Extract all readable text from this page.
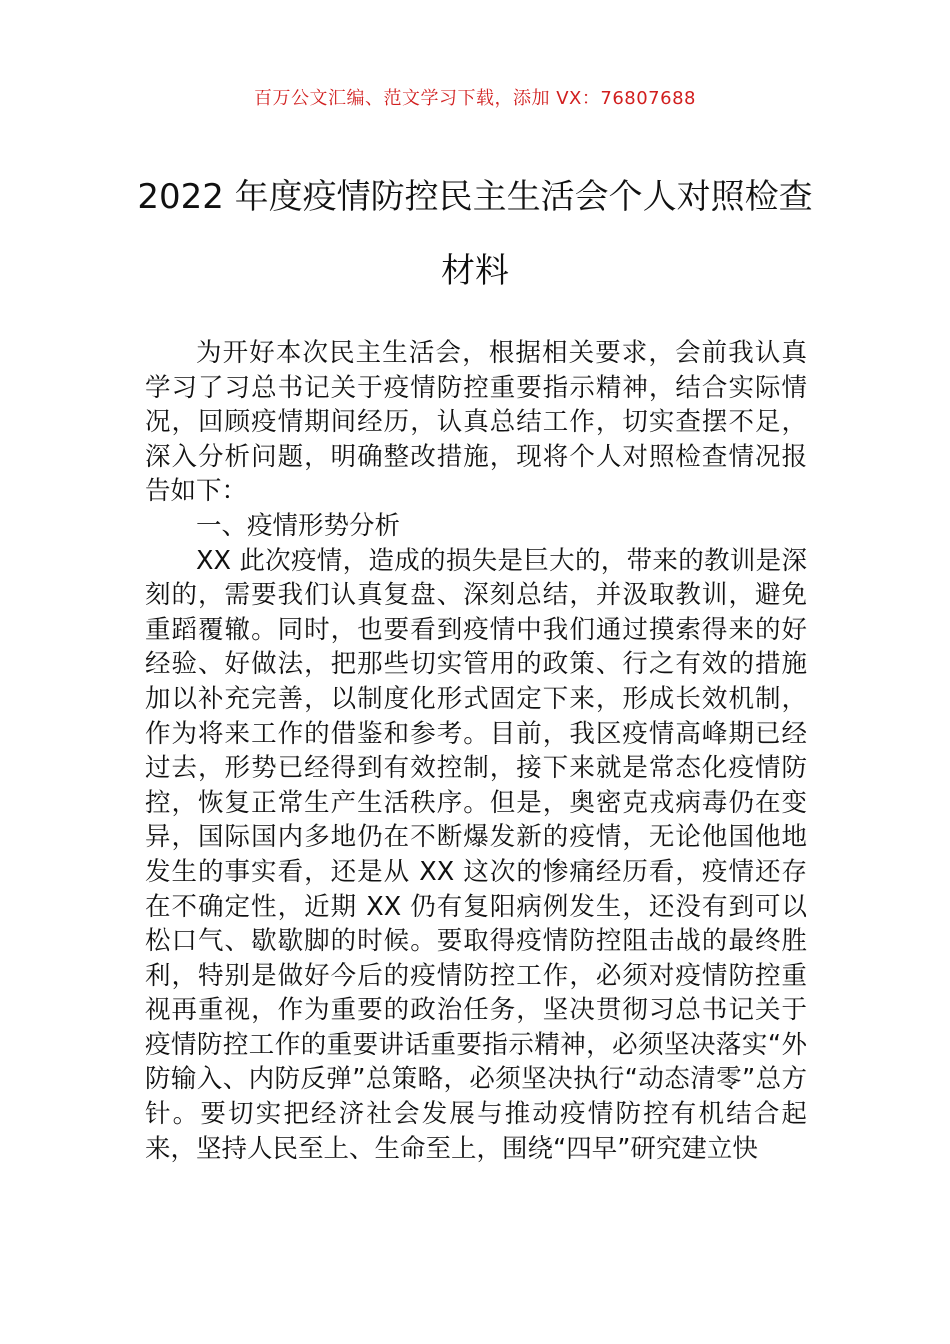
百万公文汇编、范文学习下载，添加 VX：76807688
2022 年度疫情防控民主生活会个人对照检查材料

为开好本次民主生活会，根据相关要求，会前我认真学习了习总书记关于疫情防控重要指示精神，结合实际情况，回顾疫情期间经历，认真总结工作，切实查摆不足，深入分析问题，明确整改措施，现将个人对照检查情况报告如下：

一、疫情形势分析

XX 此次疫情，造成的损失是巨大的，带来的教训是深刻的，需要我们认真复盘、深刻总结，并汲取教训，避免重蹈覆辙。同时，也要看到疫情中我们通过摸索得来的好经验、好做法，把那些切实管用的政策、行之有效的措施加以补充完善，以制度化形式固定下来，形成长效机制，作为将来工作的借鉴和参考。目前，我区疫情高峰期已经过去，形势已经得到有效控制，接下来就是常态化疫情防控，恢复正常生产生活秩序。但是，奥密克戎病毒仍在变异，国际国内多地仍在不断爆发新的疫情，无论他国他地发生的事实看，还是从 XX 这次的惨痛经历看，疫情还存在不确定性，近期 XX 仍有复阳病例发生，还没有到可以松口气、歇歇脚的时候。要取得疫情防控阻击战的最终胜利，特别是做好今后的疫情防控工作，必须对疫情防控重视再重视，作为重要的政治任务，坚决贯彻习总书记关于疫情防控工作的重要讲话重要指示精神，必须坚决落实“外防输入、内防反弹”总策略，必须坚决执行“动态清零”总方针。要切实把经济社会发展与推动疫情防控有机结合起来，坚持人民至上、生命至上，围绕“四早”研究建立快
